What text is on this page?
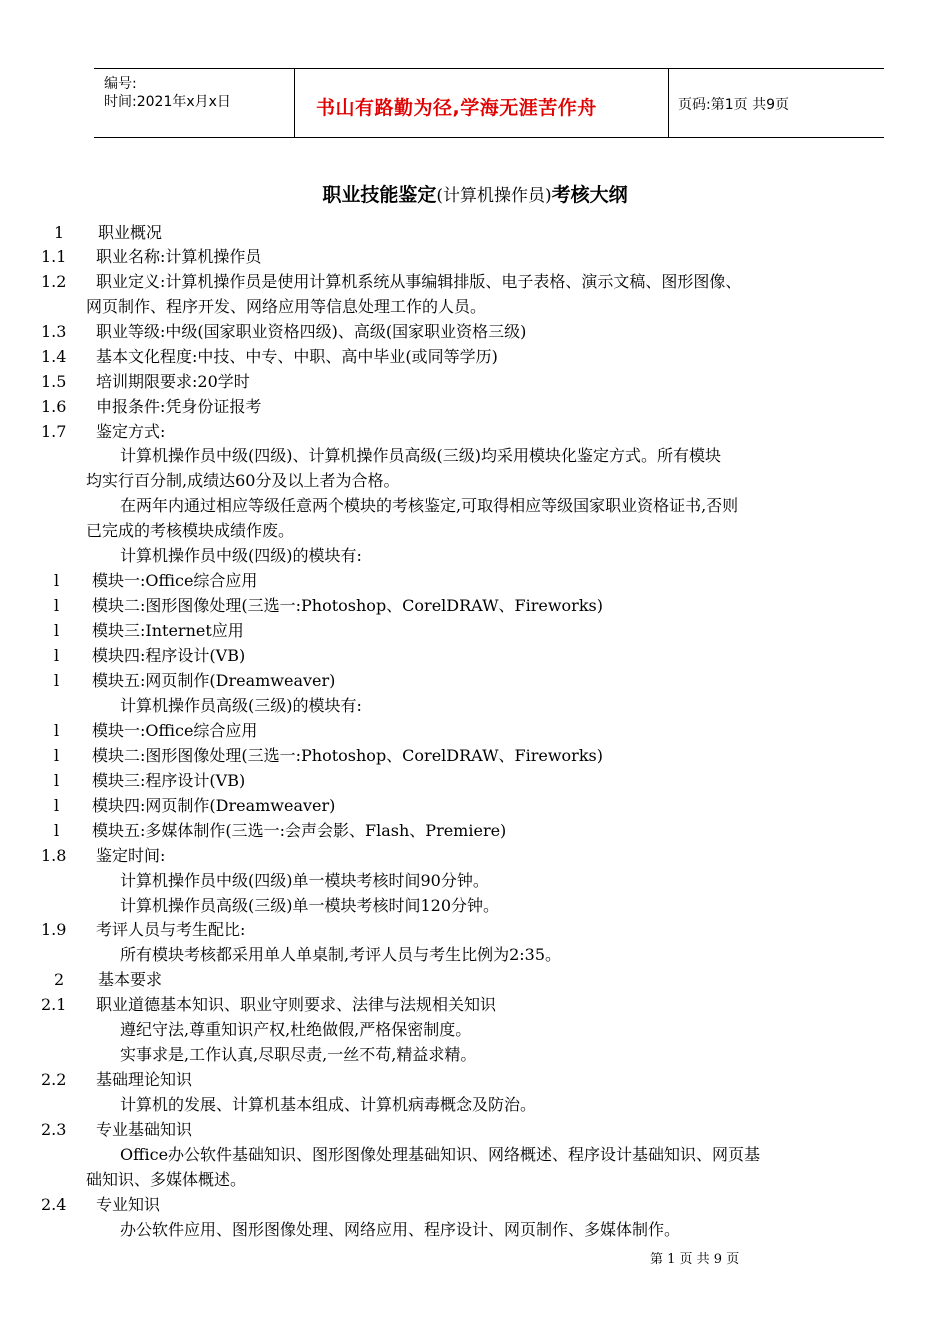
编号:
时间:2021年x月x日	书山有路勤为径,学海无涯苦作舟	页码:第1页 共9页
职业技能鉴定(计算机操作员)考核大纲
1 职业概况
1.1 职业名称:计算机操作员
1.2 职业定义:计算机操作员是使用计算机系统从事编辑排版、电子表格、演示文稿、图形图像、
网页制作、程序开发、网络应用等信息处理工作的人员。
1.3 职业等级:中级(国家职业资格四级)、高级(国家职业资格三级)
1.4 基本文化程度:中技、中专、中职、高中毕业(或同等学历)
1.5 培训期限要求:20学时
1.6 申报条件:凭身份证报考
1.7 鉴定方式:
计算机操作员中级(四级)、计算机操作员高级(三级)均采用模块化鉴定方式。所有模块
均实行百分制,成绩达60分及以上者为合格。
在两年内通过相应等级任意两个模块的考核鉴定,可取得相应等级国家职业资格证书,否则
已完成的考核模块成绩作废。
计算机操作员中级(四级)的模块有:
l 模块一:Office综合应用
l 模块二:图形图像处理(三选一:Photoshop、CorelDRAW、Fireworks)
l 模块三:Internet应用
l 模块四:程序设计(VB)
l 模块五:网页制作(Dreamweaver)
计算机操作员高级(三级)的模块有:
l 模块一:Office综合应用
l 模块二:图形图像处理(三选一:Photoshop、CorelDRAW、Fireworks)
l 模块三:程序设计(VB)
l 模块四:网页制作(Dreamweaver)
l 模块五:多媒体制作(三选一:会声会影、Flash、Premiere)
1.8 鉴定时间:
计算机操作员中级(四级)单一模块考核时间90分钟。
计算机操作员高级(三级)单一模块考核时间120分钟。
1.9 考评人员与考生配比:
所有模块考核都采用单人单桌制,考评人员与考生比例为2:35。
2 基本要求
2.1 职业道德基本知识、职业守则要求、法律与法规相关知识
遵纪守法,尊重知识产权,杜绝做假,严格保密制度。
实事求是,工作认真,尽职尽责,一丝不苟,精益求精。
2.2 基础理论知识
计算机的发展、计算机基本组成、计算机病毒概念及防治。
2.3 专业基础知识
Office办公软件基础知识、图形图像处理基础知识、网络概述、程序设计基础知识、网页基
础知识、多媒体概述。
2.4 专业知识
办公软件应用、图形图像处理、网络应用、程序设计、网页制作、多媒体制作。
第 1 页 共 9 页
